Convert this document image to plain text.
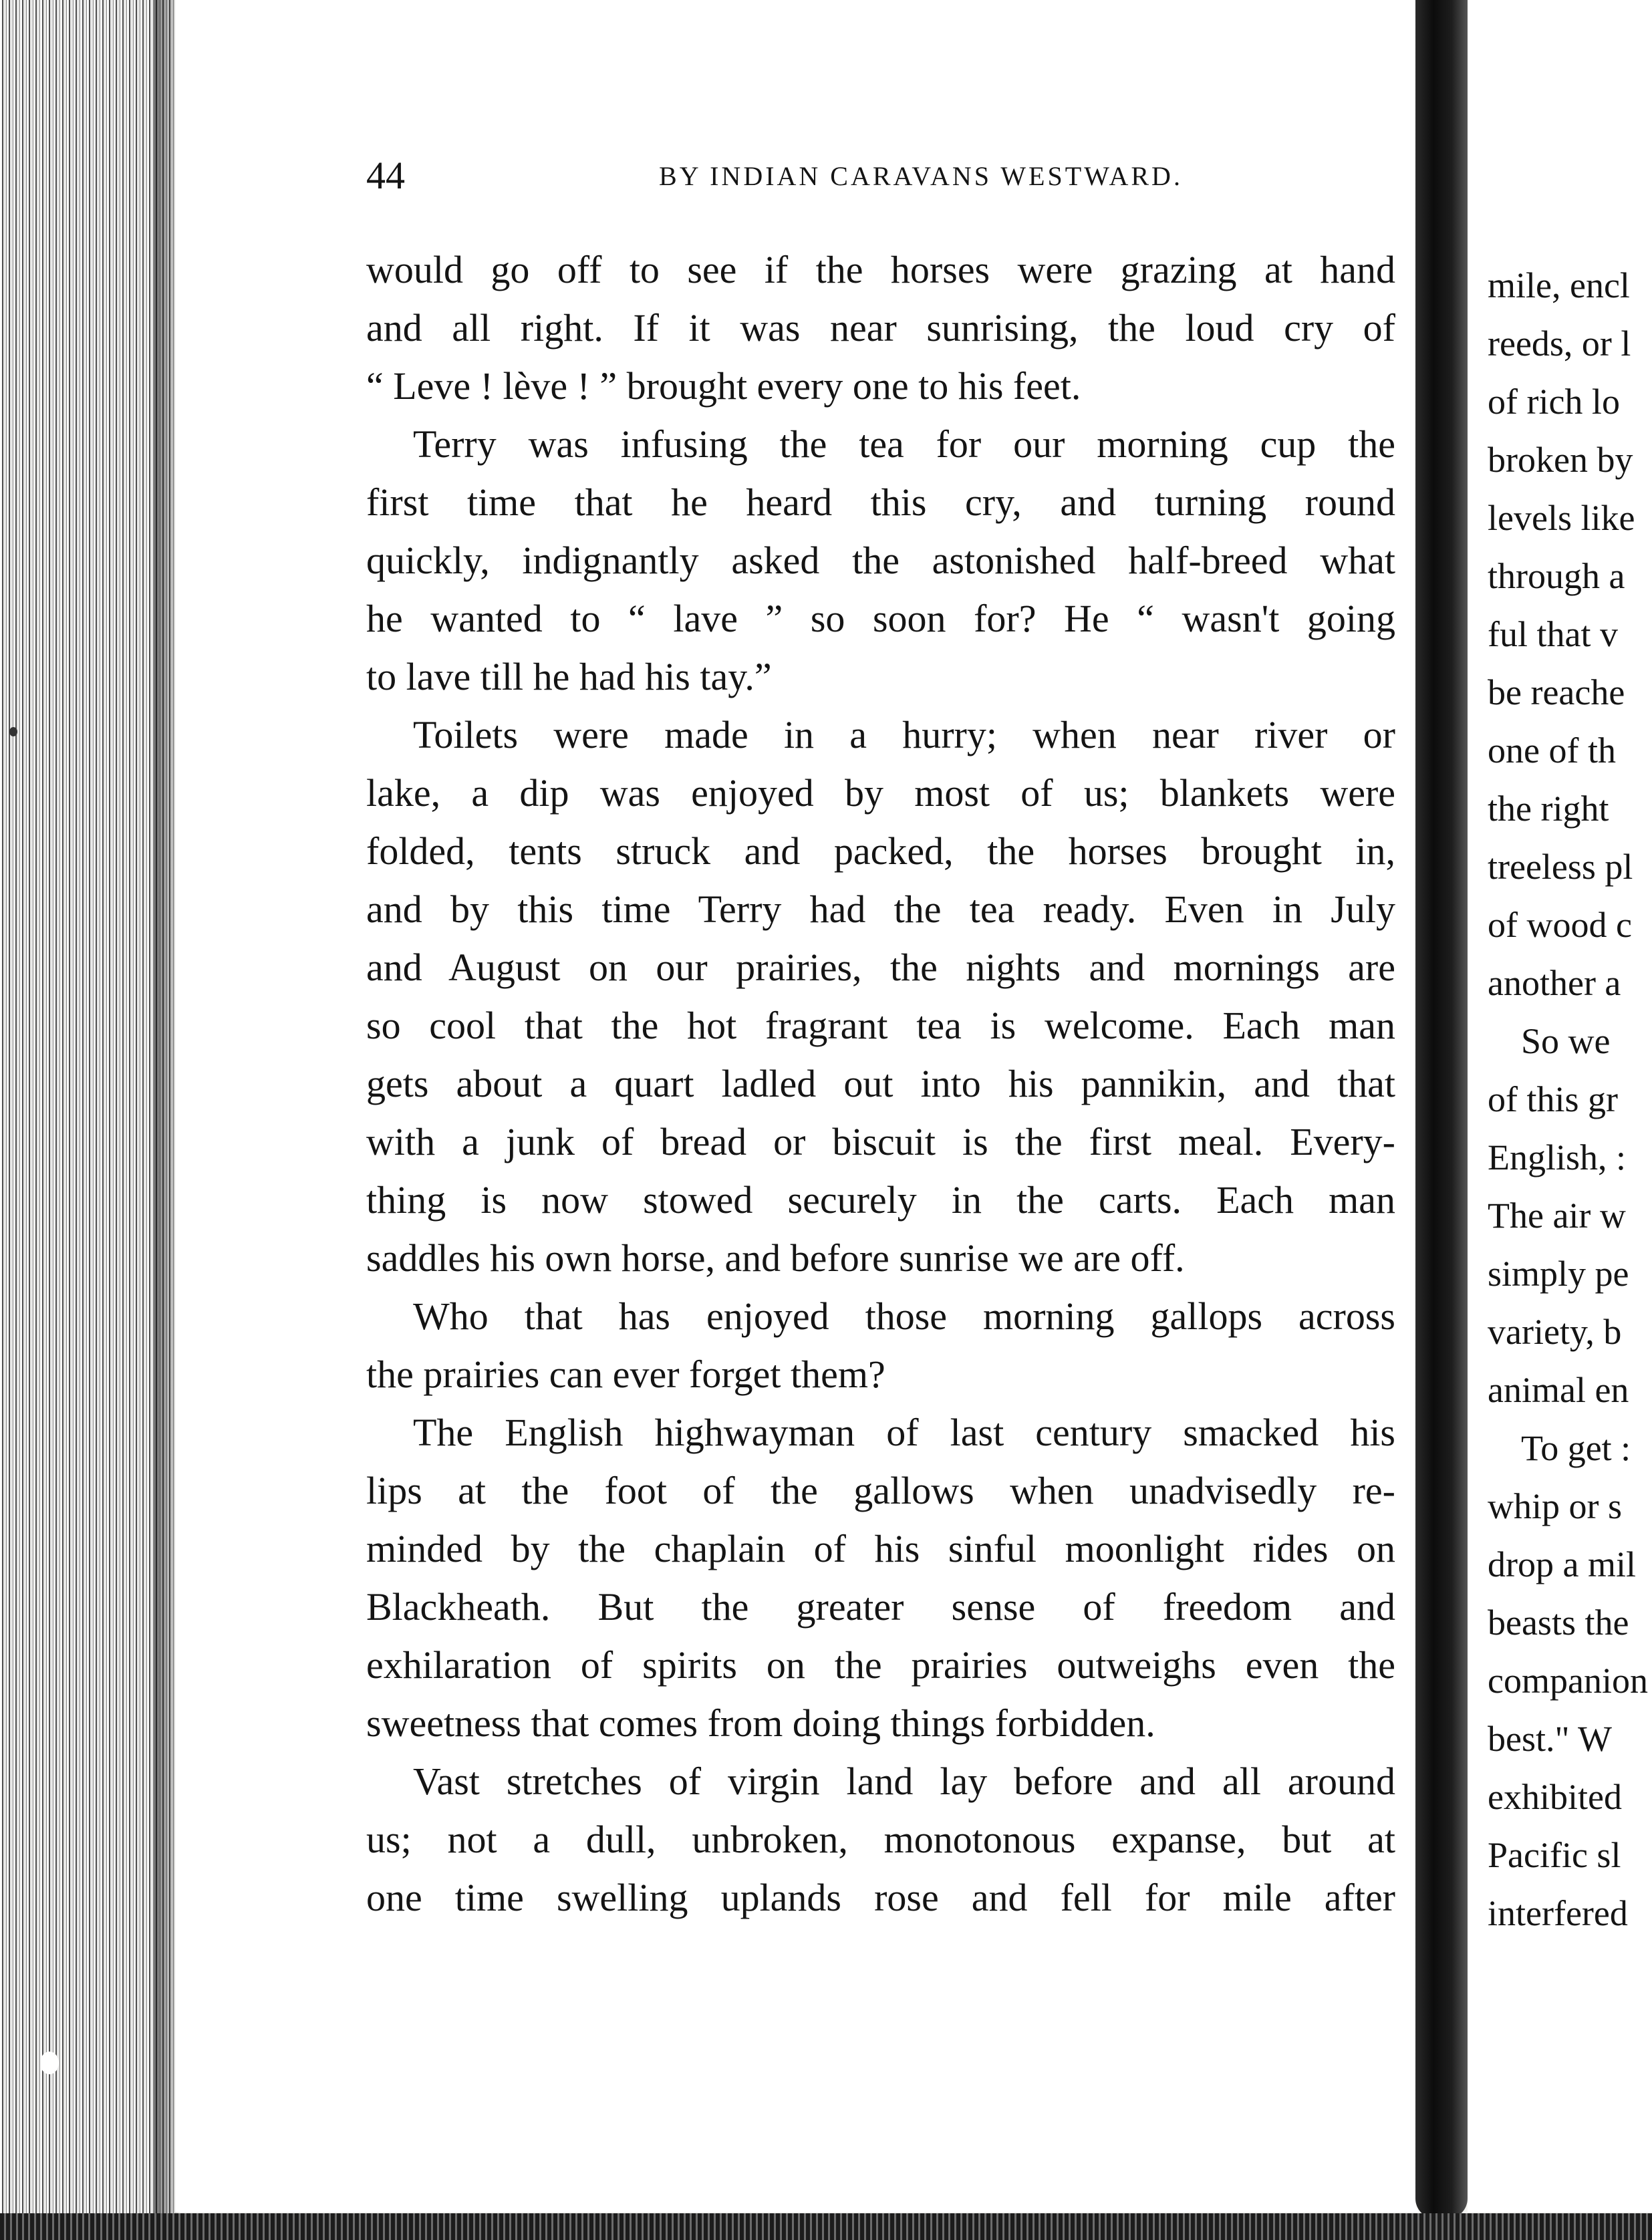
44	BY INDIAN CARAVANS WESTWARD.
would go off to see if the horses were grazing at hand
and all right. If it was near sunrising, the loud cry of
“ Leve ! lève ! ” brought every one to his feet.
Terry was infusing the tea for our morning cup the
first time that he heard this cry, and turning round
quickly, indignantly asked the astonished half-breed what
he wanted to “ lave ” so soon for? He “ wasn't going
to lave till he had his tay.”
Toilets were made in a hurry; when near river or
lake, a dip was enjoyed by most of us; blankets were
folded, tents struck and packed, the horses brought in,
and by this time Terry had the tea ready. Even in July
and August on our prairies, the nights and mornings are
so cool that the hot fragrant tea is welcome. Each man
gets about a quart ladled out into his pannikin, and that
with a junk of bread or biscuit is the first meal. Every-
thing is now stowed securely in the carts. Each man
saddles his own horse, and before sunrise we are off.
Who that has enjoyed those morning gallops across
the prairies can ever forget them?
The English highwayman of last century smacked his
lips at the foot of the gallows when unadvisedly re-
minded by the chaplain of his sinful moonlight rides on
Blackheath. But the greater sense of freedom and
exhilaration of spirits on the prairies outweighs even the
sweetness that comes from doing things forbidden.
Vast stretches of virgin land lay before and all around
us; not a dull, unbroken, monotonous expanse, but at
one time swelling uplands rose and fell for mile after
mile, encl
reeds, or l
of rich lo
broken by
levels like
through a
ful that v
be reache
one of th
the right
treeless pl
of wood c
another a
So we
of this gr
English, :
The air w
simply pe
variety, b
animal en
To get :
whip or s
drop a mil
beasts the
companion
best." W
exhibited
Pacific sl
interfered
